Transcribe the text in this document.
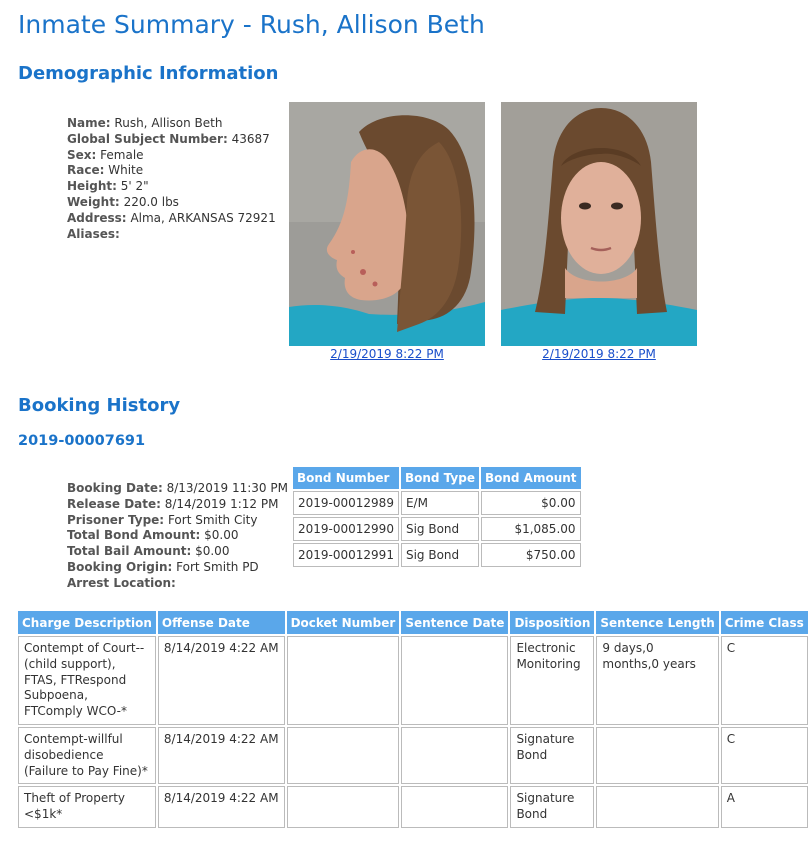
Inmate Summary - Rush, Allison Beth
Demographic Information
Name: Rush, Allison Beth
Global Subject Number: 43687
Sex: Female
Race: White
Height: 5' 2"
Weight: 220.0 lbs
Address: Alma, ARKANSAS 72921
Aliases:
2/19/2019 8:22 PM	2/19/2019 8:22 PM
Booking History
2019-00007691
Booking Date: 8/13/2019 11:30 PM
Release Date: 8/14/2019 1:12 PM
Prisoner Type: Fort Smith City
Total Bond Amount: $0.00
Total Bail Amount: $0.00
Booking Origin: Fort Smith PD
Arrest Location:
Bond Number	Bond Type	Bond Amount
2019-00012989	E/M	$0.00
2019-00012990	Sig Bond	$1,085.00
2019-00012991	Sig Bond	$750.00
Charge Description	Offense Date	Docket Number	Sentence Date	Disposition	Sentence Length	Crime Class
Contempt of Court--(child support), FTAS, FTRespond Subpoena, FTComply WCO-*	8/14/2019 4:22 AM			Electronic Monitoring	9 days,0 months,0 years	C
Contempt-willful disobedience (Failure to Pay Fine)*	8/14/2019 4:22 AM			Signature Bond		C
Theft of Property <$1k*	8/14/2019 4:22 AM			Signature Bond		A
